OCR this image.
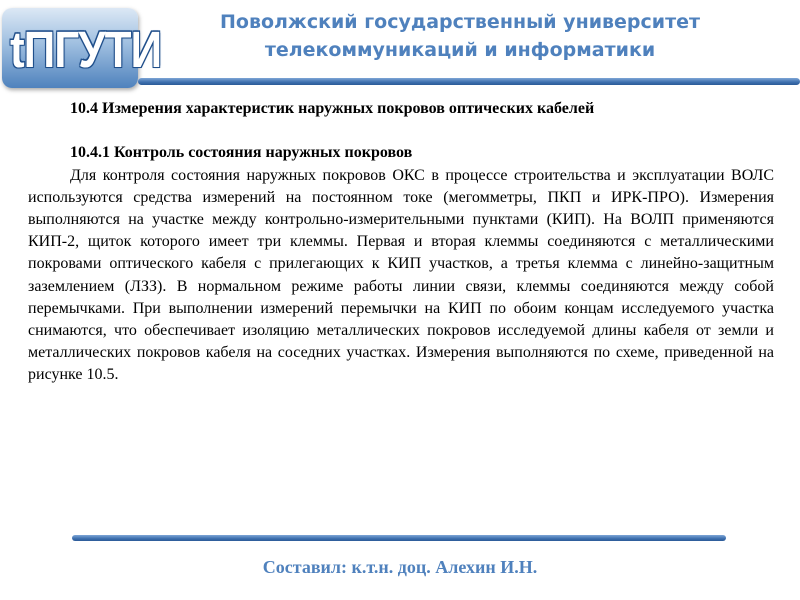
tПГУТИ	Поволжский государственный университет
телекоммуникаций и информатики

10.4 Измерения характеристик наружных покровов оптических кабелей

10.4.1 Контроль состояния наружных покровов

Для контроля состояния наружных покровов ОКС в процессе строительства и эксплуатации ВОЛС используются средства измерений на постоянном токе (мегомметры, ПКП и ИРК-ПРО). Измерения выполняются на участке между контрольно-измерительными пунктами (КИП). На ВОЛП применяются КИП-2, щиток которого имеет три клеммы. Первая и вторая клеммы соединяются с металлическими покровами оптического кабеля с прилегающих к КИП участков, а третья клемма с линейно-защитным заземлением (ЛЗЗ). В нормальном режиме работы линии связи, клеммы соединяются между собой перемычками. При выполнении измерений перемычки на КИП по обоим концам исследуемого участка снимаются, что обеспечивает изоляцию металлических покровов исследуемой длины кабеля от земли и металлических покровов кабеля на соседних участках. Измерения выполняются по схеме, приведенной на рисунке 10.5.

Составил: к.т.н. доц. Алехин И.Н.
